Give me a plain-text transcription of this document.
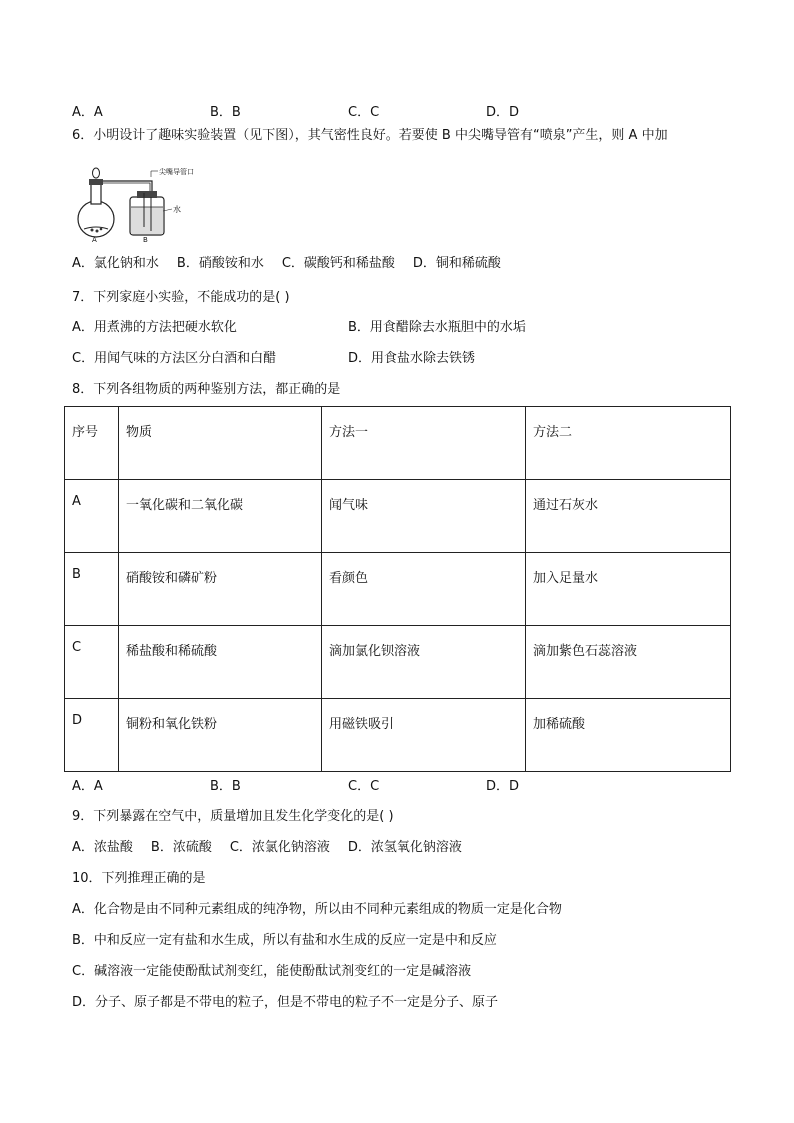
A．A	B．B	C．C	D．D
6．小明设计了趣味实验装置（见下图），其气密性良好。若要使 B 中尖嘴导管有“喷泉”产生，则 A 中加
尖嘴导管口
水
A	B
A．氯化钠和水 B．硝酸铵和水 C．碳酸钙和稀盐酸 D．铜和稀硫酸
7．下列家庭小实验，不能成功的是( )
A．用煮沸的方法把硬水软化	B．用食醋除去水瓶胆中的水垢
C．用闻气味的方法区分白酒和白醋	D．用食盐水除去铁锈
8．下列各组物质的两种鉴别方法，都正确的是
序号	物质	方法一	方法二
A	一氧化碳和二氧化碳	闻气味	通过石灰水
B	硝酸铵和磷矿粉	看颜色	加入足量水
C	稀盐酸和稀硫酸	滴加氯化钡溶液	滴加紫色石蕊溶液
D	铜粉和氧化铁粉	用磁铁吸引	加稀硫酸
A．A	B．B	C．C	D．D
9．下列暴露在空气中，质量增加且发生化学变化的是( )
A．浓盐酸 B．浓硫酸 C．浓氯化钠溶液 D．浓氢氧化钠溶液
10．下列推理正确的是
A．化合物是由不同种元素组成的纯净物，所以由不同种元素组成的物质一定是化合物
B．中和反应一定有盐和水生成，所以有盐和水生成的反应一定是中和反应
C．碱溶液一定能使酚酞试剂变红，能使酚酞试剂变红的一定是碱溶液
D．分子、原子都是不带电的粒子，但是不带电的粒子不一定是分子、原子
